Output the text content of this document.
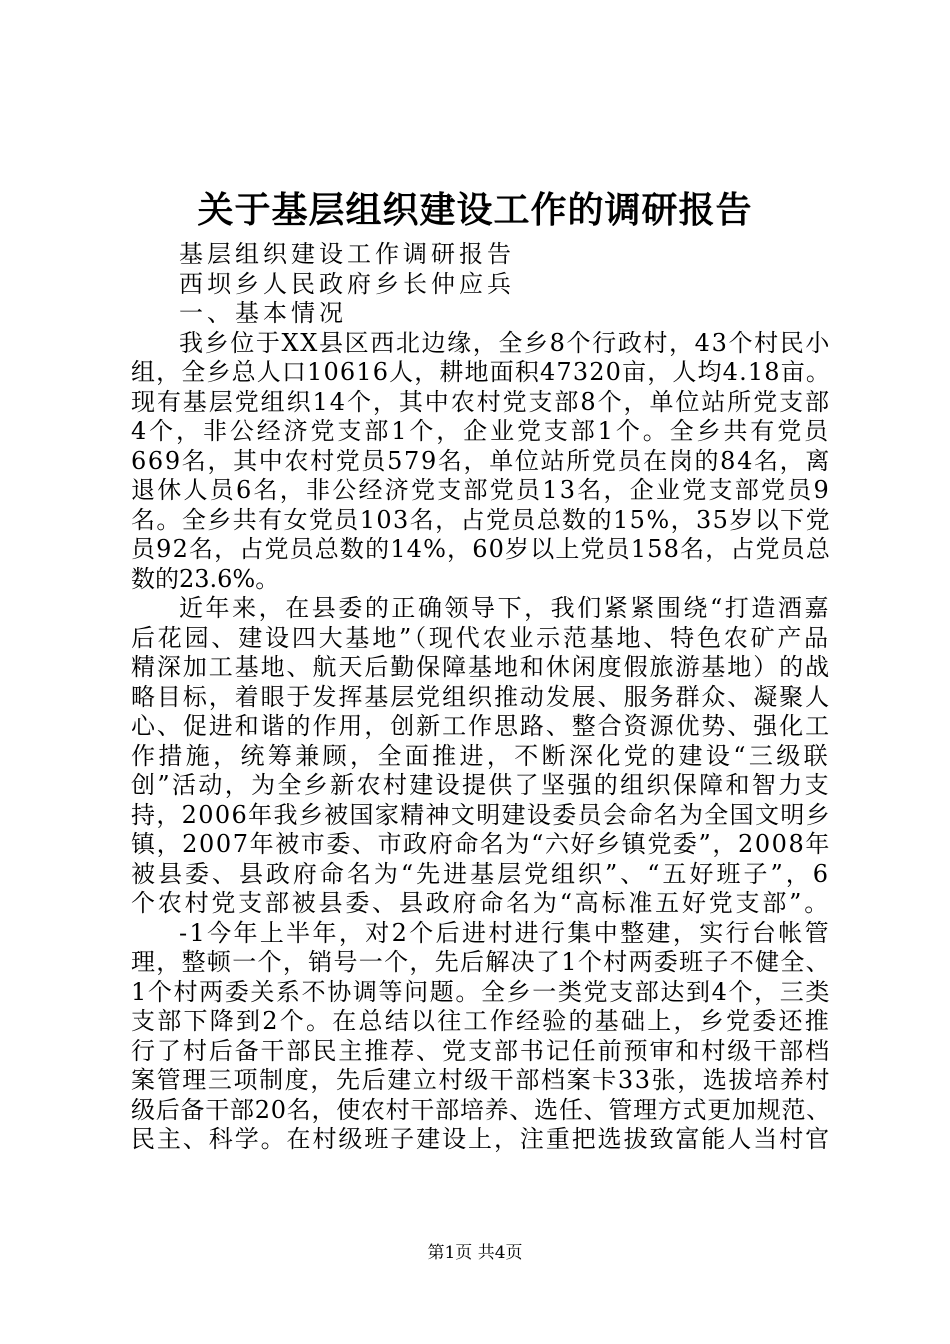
关于基层组织建设工作的调研报告
基层组织建设工作调研报告
西坝乡人民政府乡长仲应兵
一、基本情况
我乡位于XX县区西北边缘，全乡8个行政村，43个村民小
组，全乡总人口10616人，耕地面积47320亩，人均4.18亩。
现有基层党组织14个，其中农村党支部8个，单位站所党支部
4个，非公经济党支部1个，企业党支部1个。全乡共有党员
669名，其中农村党员579名，单位站所党员在岗的84名，离
退休人员6名，非公经济党支部党员13名，企业党支部党员9
名。全乡共有女党员103名，占党员总数的15%，35岁以下党
员92名，占党员总数的14%，60岁以上党员158名，占党员总
数的23.6%。
近年来，在县委的正确领导下，我们紧紧围绕“打造酒嘉
后花园、建设四大基地”（现代农业示范基地、特色农矿产品
精深加工基地、航天后勤保障基地和休闲度假旅游基地）的战
略目标，着眼于发挥基层党组织推动发展、服务群众、凝聚人
心、促进和谐的作用，创新工作思路、整合资源优势、强化工
作措施，统筹兼顾，全面推进，不断深化党的建设“三级联
创”活动，为全乡新农村建设提供了坚强的组织保障和智力支
持，2006年我乡被国家精神文明建设委员会命名为全国文明乡
镇，2007年被市委、市政府命名为“六好乡镇党委”，2008年
被县委、县政府命名为“先进基层党组织”、“五好班子”，6
个农村党支部被县委、县政府命名为“高标准五好党支部”。
-1今年上半年，对2个后进村进行集中整建，实行台帐管
理，整顿一个，销号一个，先后解决了1个村两委班子不健全、
1个村两委关系不协调等问题。全乡一类党支部达到4个，三类
支部下降到2个。在总结以往工作经验的基础上，乡党委还推
行了村后备干部民主推荐、党支部书记任前预审和村级干部档
案管理三项制度，先后建立村级干部档案卡33张，选拔培养村
级后备干部20名，使农村干部培养、选任、管理方式更加规范、
民主、科学。在村级班子建设上，注重把选拔致富能人当村官
第1页 共4页
